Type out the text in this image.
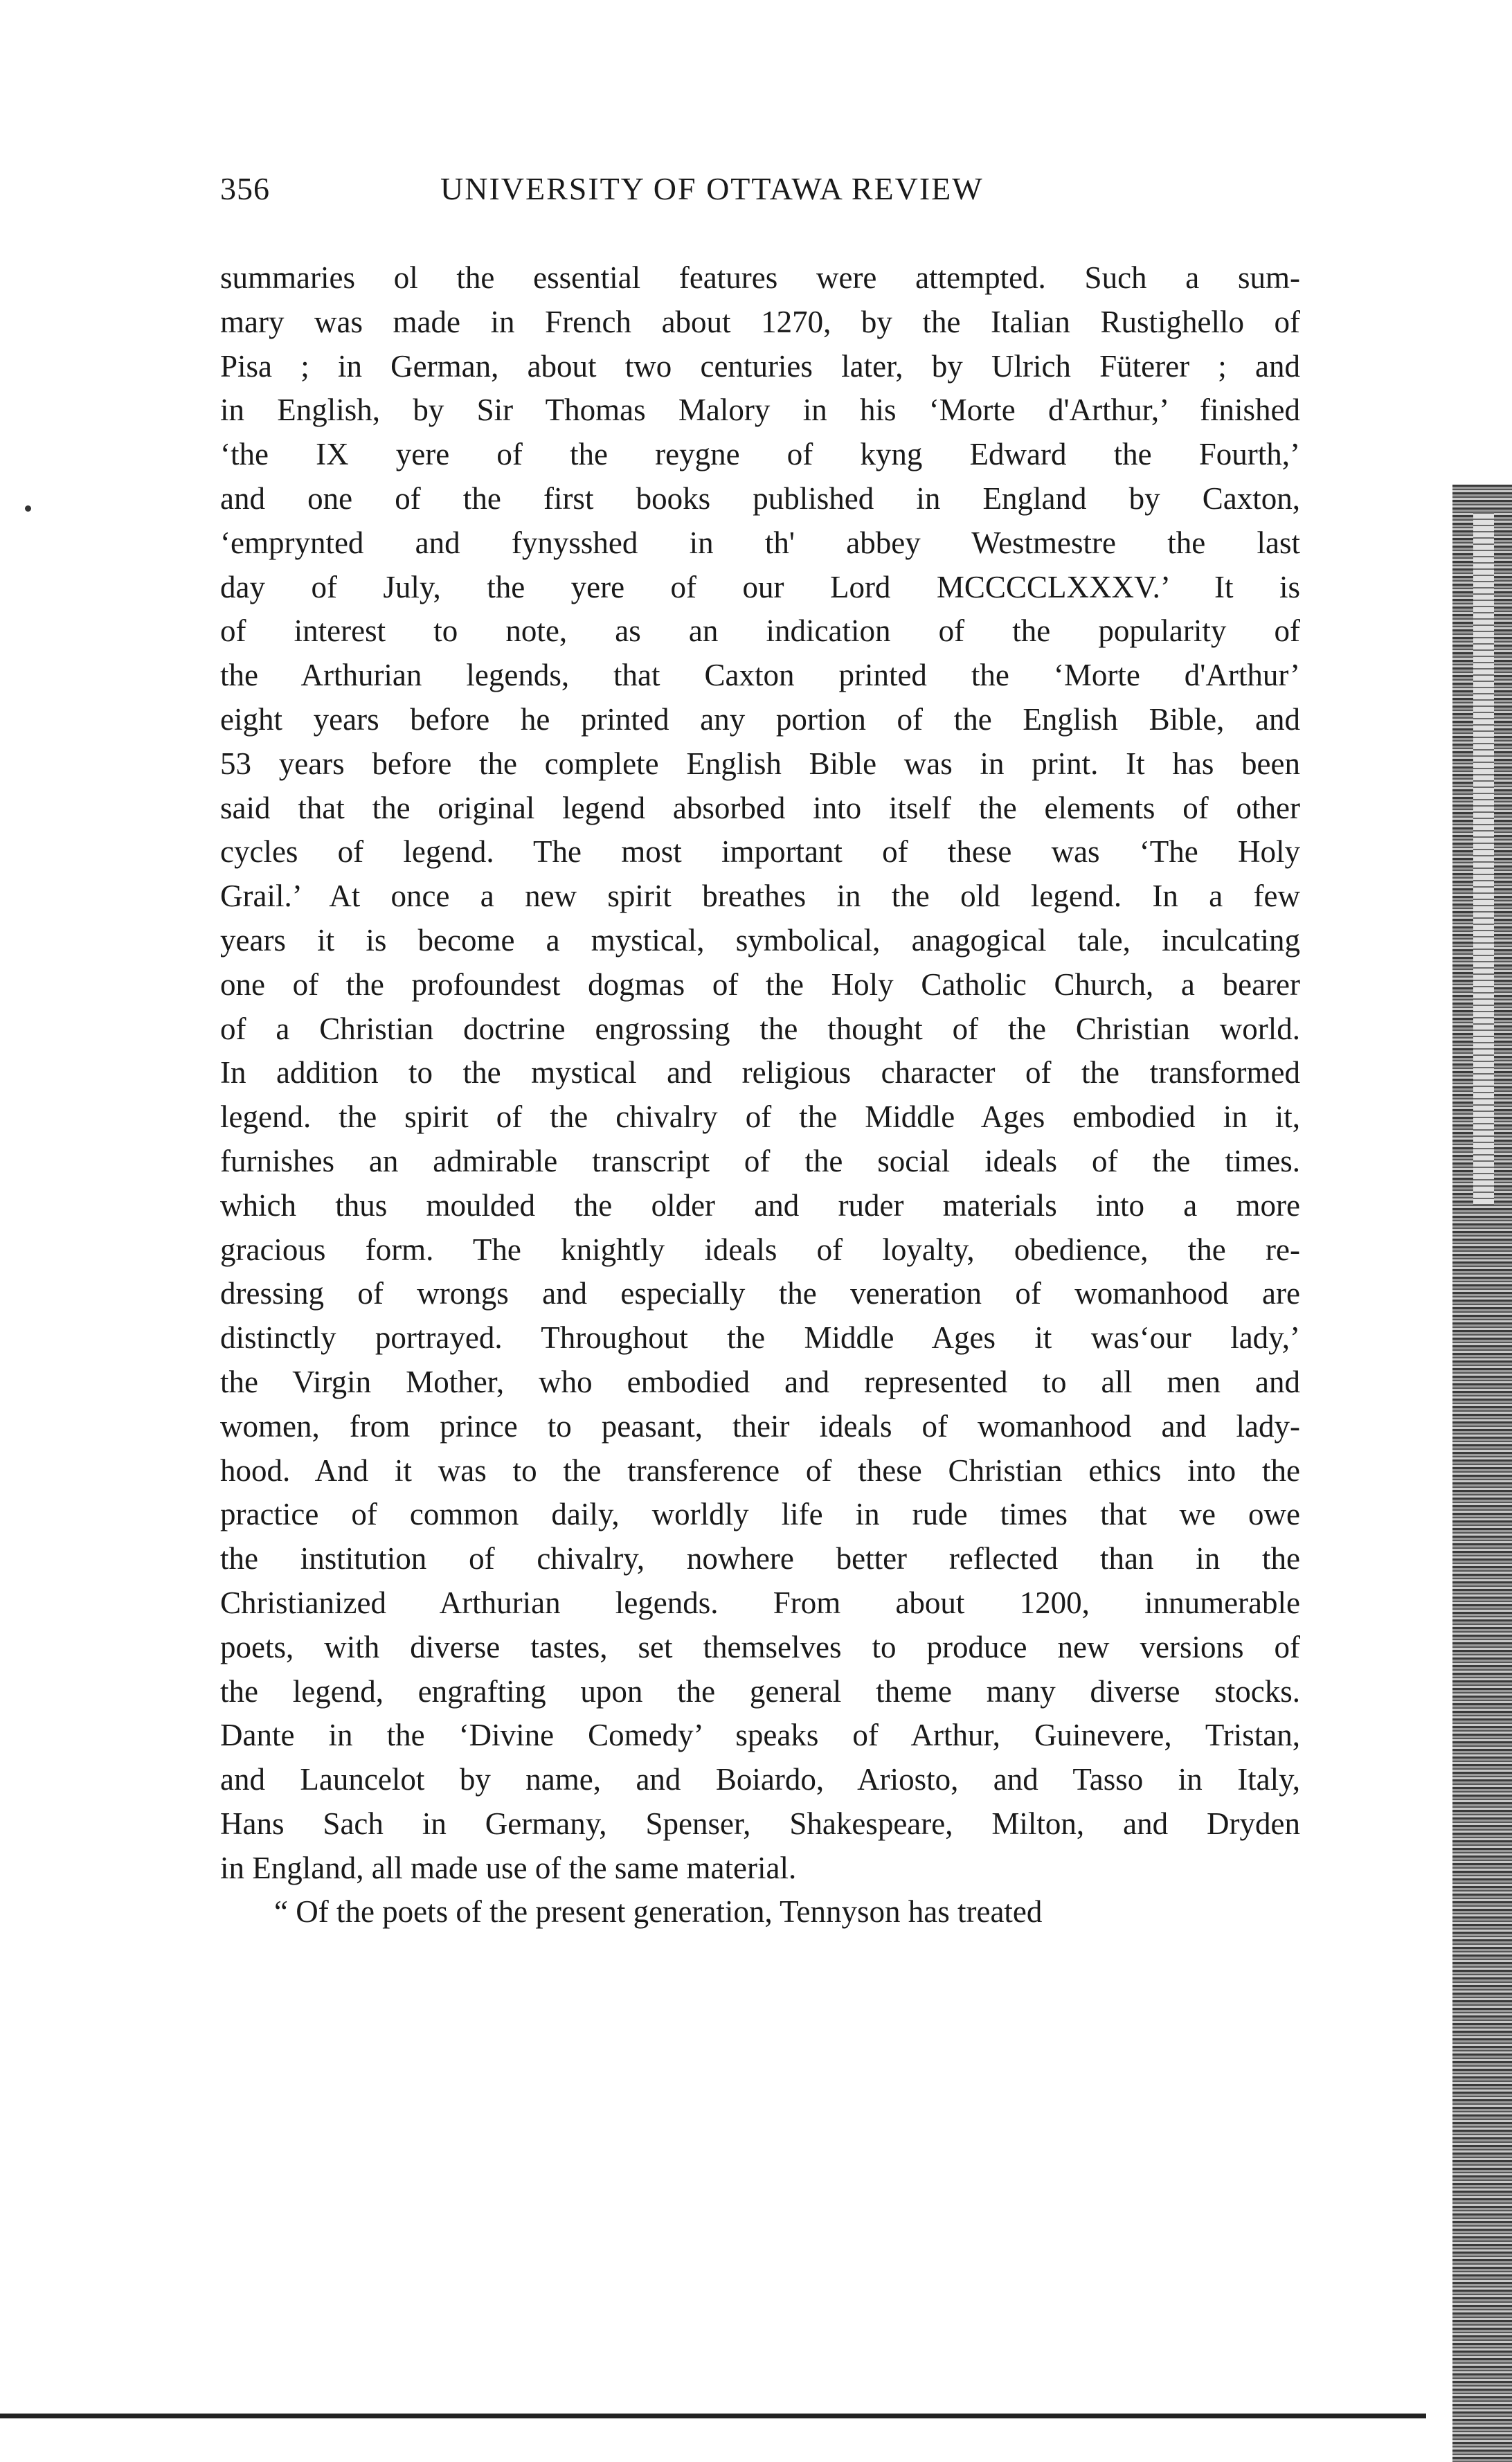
356	UNIVERSITY OF OTTAWA REVIEW
summaries ol the essential features were attempted. Such a sum-
mary was made in French about 1270, by the Italian Rustighello of
Pisa ; in German, about two centuries later, by Ulrich Füterer ; and
in English, by Sir Thomas Malory in his ‘Morte d'Arthur,’ finished
‘the IX yere of the reygne of kyng Edward the Fourth,’
and one of the first books published in England by Caxton,
‘emprynted and fynysshed in th' abbey Westmestre the last
day of July, the yere of our Lord MCCCCLXXXV.’ It is
of interest to note, as an indication of the popularity of
the Arthurian legends, that Caxton printed the ‘Morte d'Arthur’
eight years before he printed any portion of the English Bible, and
53 years before the complete English Bible was in print. It has been
said that the original legend absorbed into itself the elements of other
cycles of legend. The most important of these was ‘The Holy
Grail.’ At once a new spirit breathes in the old legend. In a few
years it is become a mystical, symbolical, anagogical tale, inculcating
one of the profoundest dogmas of the Holy Catholic Church, a bearer
of a Christian doctrine engrossing the thought of the Christian world.
In addition to the mystical and religious character of the transformed
legend. the spirit of the chivalry of the Middle Ages embodied in it,
furnishes an admirable transcript of the social ideals of the times.
which thus moulded the older and ruder materials into a more
gracious form. The knightly ideals of loyalty, obedience, the re-
dressing of wrongs and especially the veneration of womanhood are
distinctly portrayed. Throughout the Middle Ages it was‘our lady,’
the Virgin Mother, who embodied and represented to all men and
women, from prince to peasant, their ideals of womanhood and lady-
hood. And it was to the transference of these Christian ethics into the
practice of common daily, worldly life in rude times that we owe
the institution of chivalry, nowhere better reflected than in the
Christianized Arthurian legends. From about 1200, innumerable
poets, with diverse tastes, set themselves to produce new versions of
the legend, engrafting upon the general theme many diverse stocks.
Dante in the ‘Divine Comedy’ speaks of Arthur, Guinevere, Tristan,
and Launcelot by name, and Boiardo, Ariosto, and Tasso in Italy,
Hans Sach in Germany, Spenser, Shakespeare, Milton, and Dryden
in England, all made use of the same material.
“ Of the poets of the present generation, Tennyson has treated
